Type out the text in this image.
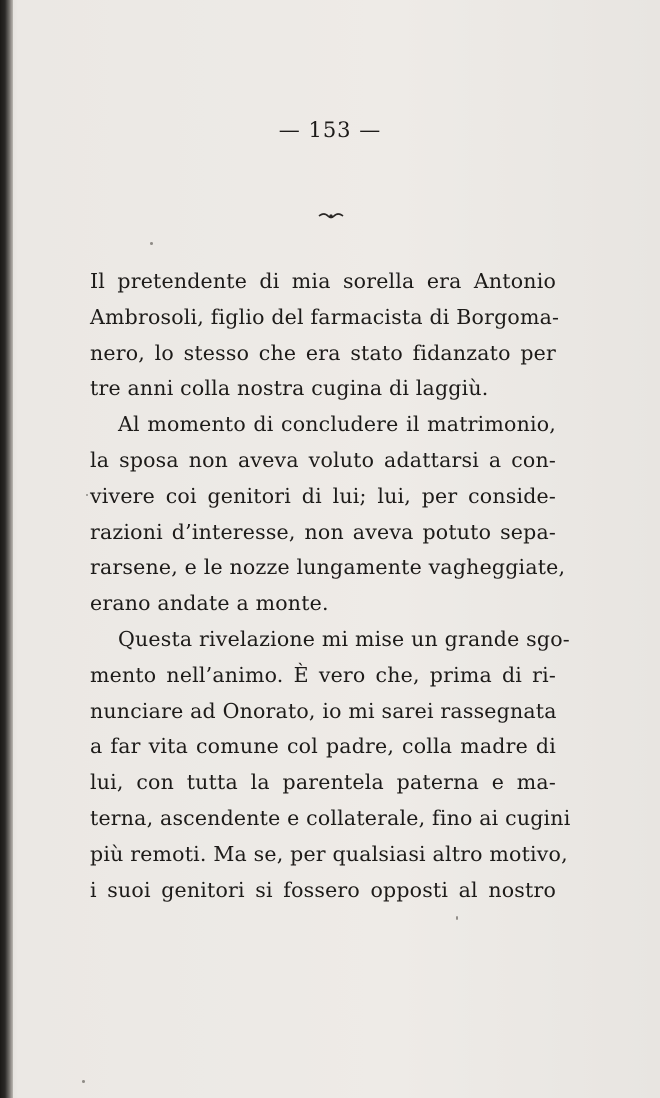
— 153 —
Il pretendente di mia sorella era Antonio
Ambrosoli, figlio del farmacista di Borgoma-
nero, lo stesso che era stato fidanzato per
tre anni colla nostra cugina di laggiù.
Al momento di concludere il matrimonio,
la sposa non aveva voluto adattarsi a con-
vivere coi genitori di lui; lui, per conside-
razioni d’interesse, non aveva potuto sepa-
rarsene, e le nozze lungamente vagheggiate,
erano andate a monte.
Questa rivelazione mi mise un grande sgo-
mento nell’animo. È vero che, prima di ri-
nunciare ad Onorato, io mi sarei rassegnata
a far vita comune col padre, colla madre di
lui, con tutta la parentela paterna e ma-
terna, ascendente e collaterale, fino ai cugini
più remoti. Ma se, per qualsiasi altro motivo,
i suoi genitori si fossero opposti al nostro
